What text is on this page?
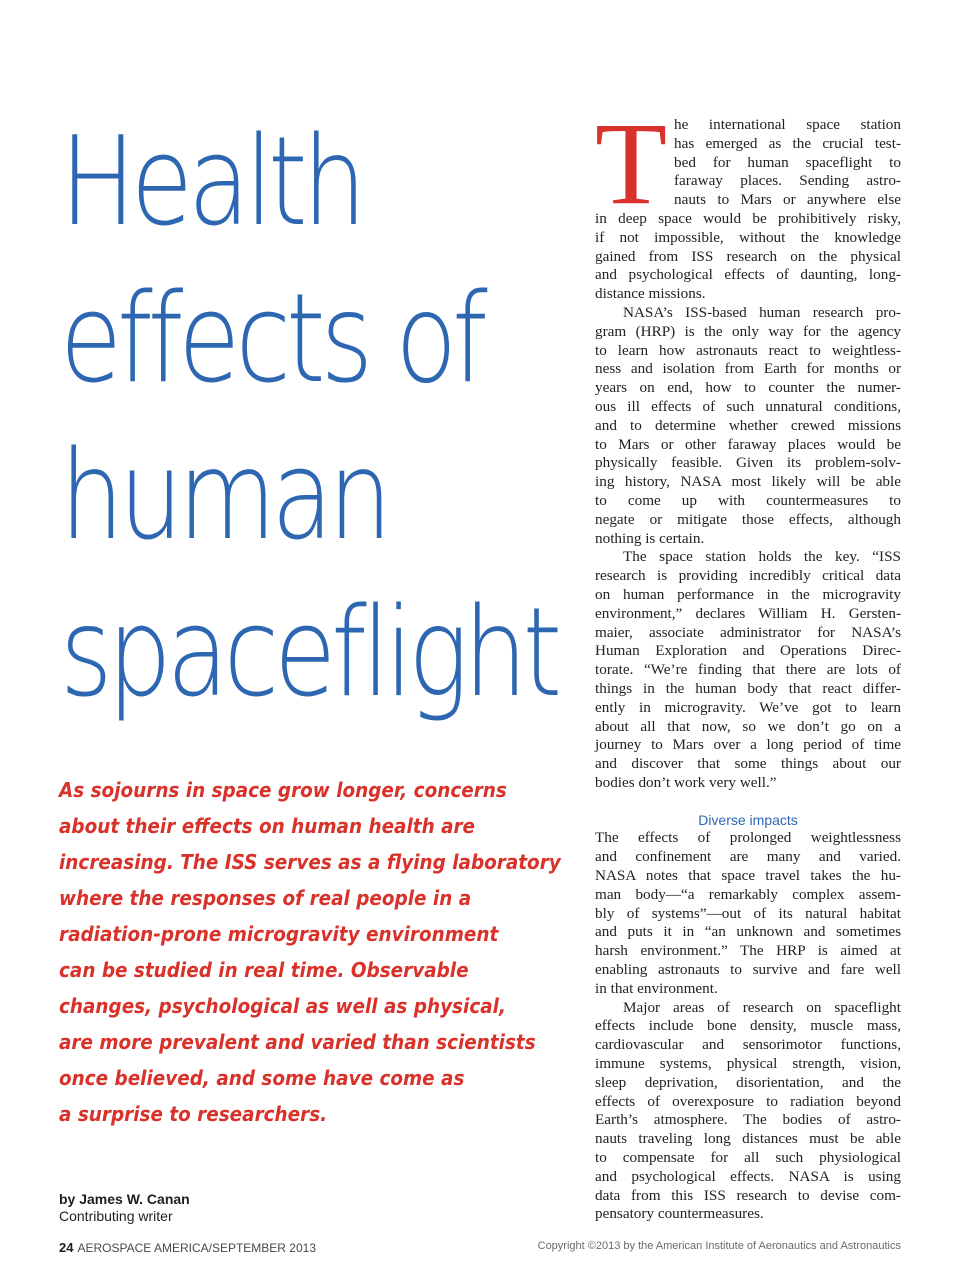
Health
effects of
human
spaceflight
As sojourns in space grow longer, concerns
about their effects on human health are
increasing. The ISS serves as a flying laboratory
where the responses of real people in a
radiation-prone microgravity environment
can be studied in real time. Observable
changes, psychological as well as physical,
are more prevalent and varied than scientists
once believed, and some have come as
a surprise to researchers.
by James W. Canan
Contributing writer
T he international space station
has emerged as the crucial test-
bed for human spaceflight to
faraway places. Sending astro-
nauts to Mars or anywhere else
in deep space would be prohibitively risky,
if not impossible, without the knowledge
gained from ISS research on the physical
and psychological effects of daunting, long-
distance missions.
NASA’s ISS-based human research pro-
gram (HRP) is the only way for the agency
to learn how astronauts react to weightless-
ness and isolation from Earth for months or
years on end, how to counter the numer-
ous ill effects of such unnatural conditions,
and to determine whether crewed missions
to Mars or other faraway places would be
physically feasible. Given its problem-solv-
ing history, NASA most likely will be able
to come up with countermeasures to
negate or mitigate those effects, although
nothing is certain.
The space station holds the key. “ISS
research is providing incredibly critical data
on human performance in the microgravity
environment,” declares William H. Gersten-
maier, associate administrator for NASA’s
Human Exploration and Operations Direc-
torate. “We’re finding that there are lots of
things in the human body that react differ-
ently in microgravity. We’ve got to learn
about all that now, so we don’t go on a
journey to Mars over a long period of time
and discover that some things about our
bodies don’t work very well.”
Diverse impacts
The effects of prolonged weightlessness
and confinement are many and varied.
NASA notes that space travel takes the hu-
man body—“a remarkably complex assem-
bly of systems”—out of its natural habitat
and puts it in “an unknown and sometimes
harsh environment.” The HRP is aimed at
enabling astronauts to survive and fare well
in that environment.
Major areas of research on spaceflight
effects include bone density, muscle mass,
cardiovascular and sensorimotor functions,
immune systems, physical strength, vision,
sleep deprivation, disorientation, and the
effects of overexposure to radiation beyond
Earth’s atmosphere. The bodies of astro-
nauts traveling long distances must be able
to compensate for all such physiological
and psychological effects. NASA is using
data from this ISS research to devise com-
pensatory countermeasures.
24 AEROSPACE AMERICA/SEPTEMBER 2013	Copyright ©2013 by the American Institute of Aeronautics and Astronautics
